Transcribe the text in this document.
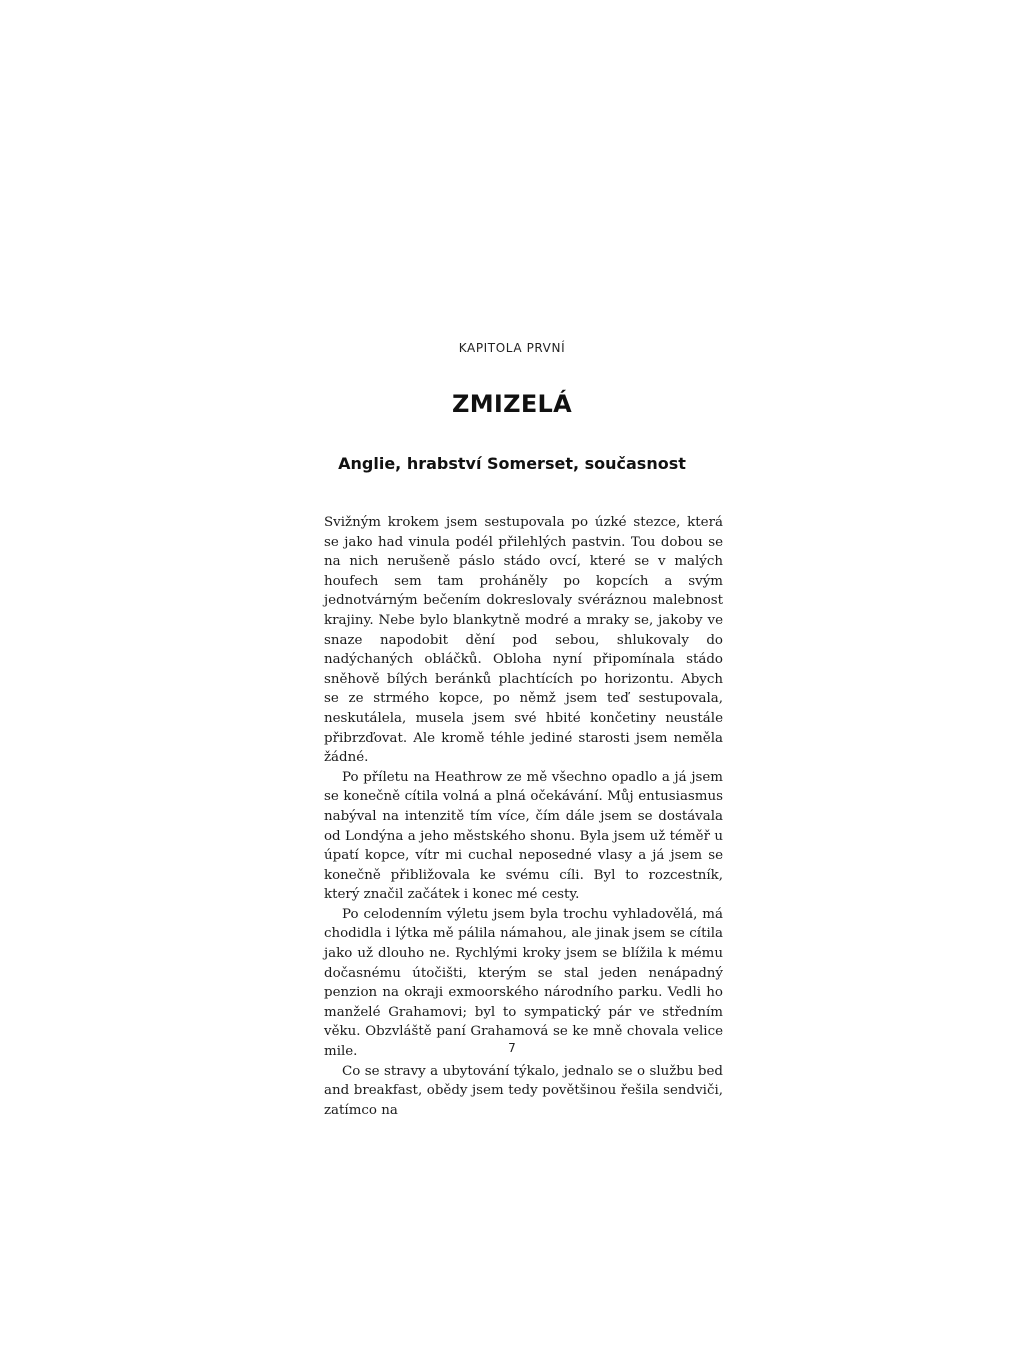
KAPITOLA PRVNÍ
ZMIZELÁ
Anglie, hrabství Somerset, současnost

Svižným krokem jsem sestupovala po úzké stezce, která se jako had vinula podél přilehlých pastvin. Tou dobou se na nich nerušeně páslo stádo ovcí, které se v malých houfech sem tam proháněly po kopcích a svým jednotvárným bečením dokreslovaly svéráznou malebnost krajiny. Nebe bylo blankytně modré a mraky se, jakoby ve snaze napodobit dění pod sebou, shlukovaly do nadýchaných obláčků. Obloha nyní připomínala stádo sněhově bílých beránků plachtících po horizontu. Abych se ze strmého kopce, po němž jsem teď sestupovala, neskutálela, musela jsem své hbité končetiny neustále přibrzďovat. Ale kromě téhle jediné starosti jsem neměla žádné.

Po příletu na Heathrow ze mě všechno opadlo a já jsem se konečně cítila volná a plná očekávání. Můj entusiasmus nabýval na intenzitě tím více, čím dále jsem se dostávala od Londýna a jeho městského shonu. Byla jsem už téměř u úpatí kopce, vítr mi cuchal neposedné vlasy a já jsem se konečně přibližovala ke svému cíli. Byl to rozcestník, který značil začátek i konec mé cesty.

Po celodenním výletu jsem byla trochu vyhladovělá, má chodidla i lýtka mě pálila námahou, ale jinak jsem se cítila jako už dlouho ne. Rychlými kroky jsem se blížila k mému dočasnému útočišti, kterým se stal jeden nenápadný penzion na okraji exmoorského národního parku. Vedli ho manželé Grahamovi; byl to sympatický pár ve středním věku. Obzvláště paní Grahamová se ke mně chovala velice mile.

Co se stravy a ubytování týkalo, jednalo se o službu bed and breakfast, obědy jsem tedy povětšinou řešila sendviči, zatímco na

7
